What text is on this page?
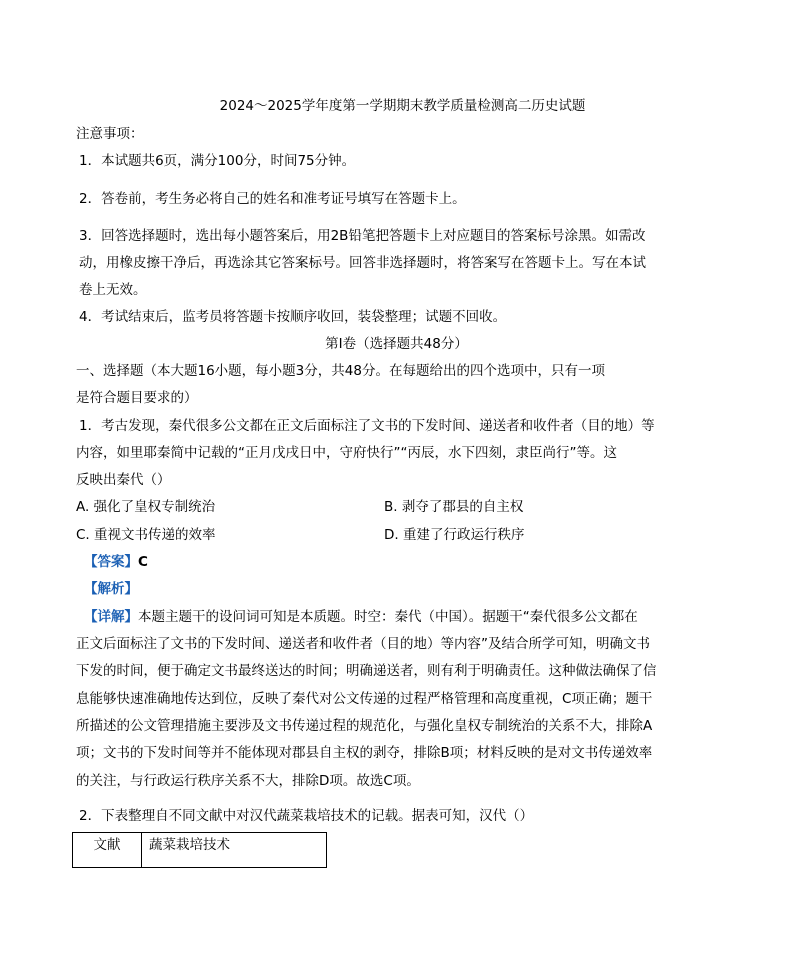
2024～2025学年度第一学期期末教学质量检测高二历史试题
注意事项：
1．本试题共6页，满分100分，时间75分钟。
2．答卷前，考生务必将自己的姓名和准考证号填写在答题卡上。
3．回答选择题时，选出每小题答案后，用2B铅笔把答题卡上对应题目的答案标号涂黑。如需改
动，用橡皮擦干净后，再选涂其它答案标号。回答非选择题时，将答案写在答题卡上。写在本试
卷上无效。
4．考试结束后，监考员将答题卡按顺序收回，装袋整理；试题不回收。
第I卷（选择题共48分）
一、选择题（本大题16小题，每小题3分，共48分。在每题给出的四个选项中，只有一项
是符合题目要求的）
1．考古发现，秦代很多公文都在正文后面标注了文书的下发时间、递送者和收件者（目的地）等
内容，如里耶秦简中记载的“正月戊戌日中，守府快行”“丙辰，水下四刻，隶臣尚行”等。这
反映出秦代（）
A. 强化了皇权专制统治	B. 剥夺了郡县的自主权
C. 重视文书传递的效率	D. 重建了行政运行秩序
【答案】C
【解析】
【详解】本题主题干的设问词可知是本质题。时空：秦代（中国）。据题干“秦代很多公文都在
正文后面标注了文书的下发时间、递送者和收件者（目的地）等内容”及结合所学可知，明确文书
下发的时间，便于确定文书最终送达的时间；明确递送者，则有利于明确责任。这种做法确保了信
息能够快速准确地传达到位，反映了秦代对公文传递的过程严格管理和高度重视，C项正确；题干
所描述的公文管理措施主要涉及文书传递过程的规范化，与强化皇权专制统治的关系不大，排除A
项；文书的下发时间等并不能体现对郡县自主权的剥夺，排除B项；材料反映的是对文书传递效率
的关注，与行政运行秩序关系不大，排除D项。故选C项。
2．下表整理自不同文献中对汉代蔬菜栽培技术的记载。据表可知，汉代（）
文献	蔬菜栽培技术
